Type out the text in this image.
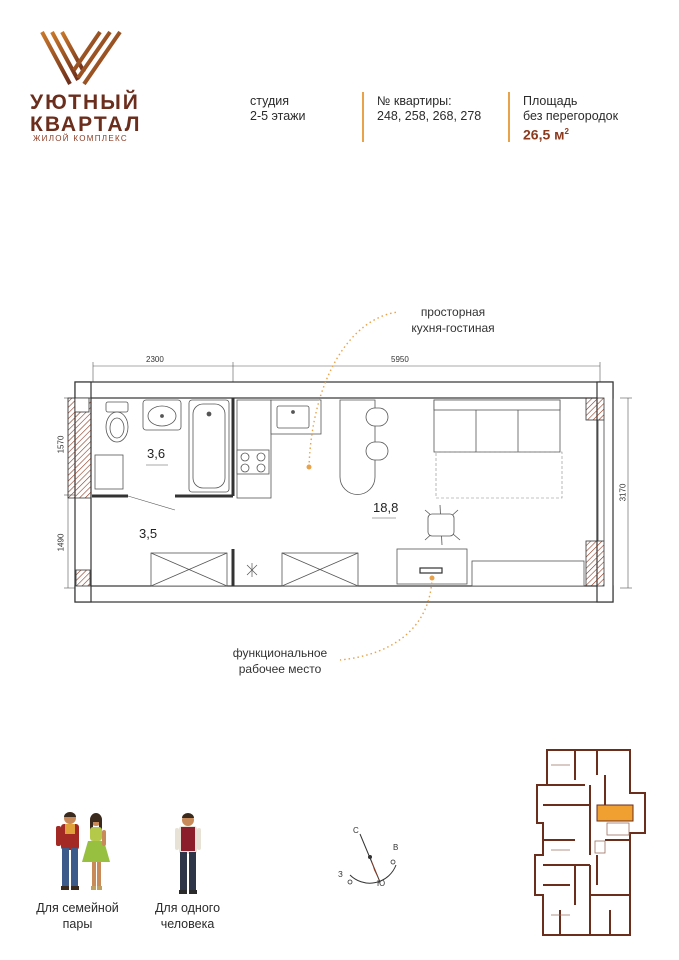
УЮТНЫЙ
КВАРТАЛ
ЖИЛОЙ КОМПЛЕКС
студия
2-5 этажи
№ квартиры:
248, 258, 268, 278
Площадь
без перегородок
26,5 $м^2$
2300	5950
1570
1490
3170
3,6
3,5
18,8
просторная
кухня-гостиная
функциональное
рабочее место
Для семейной
пары
Для одного
человека
С
В
Ю
З
